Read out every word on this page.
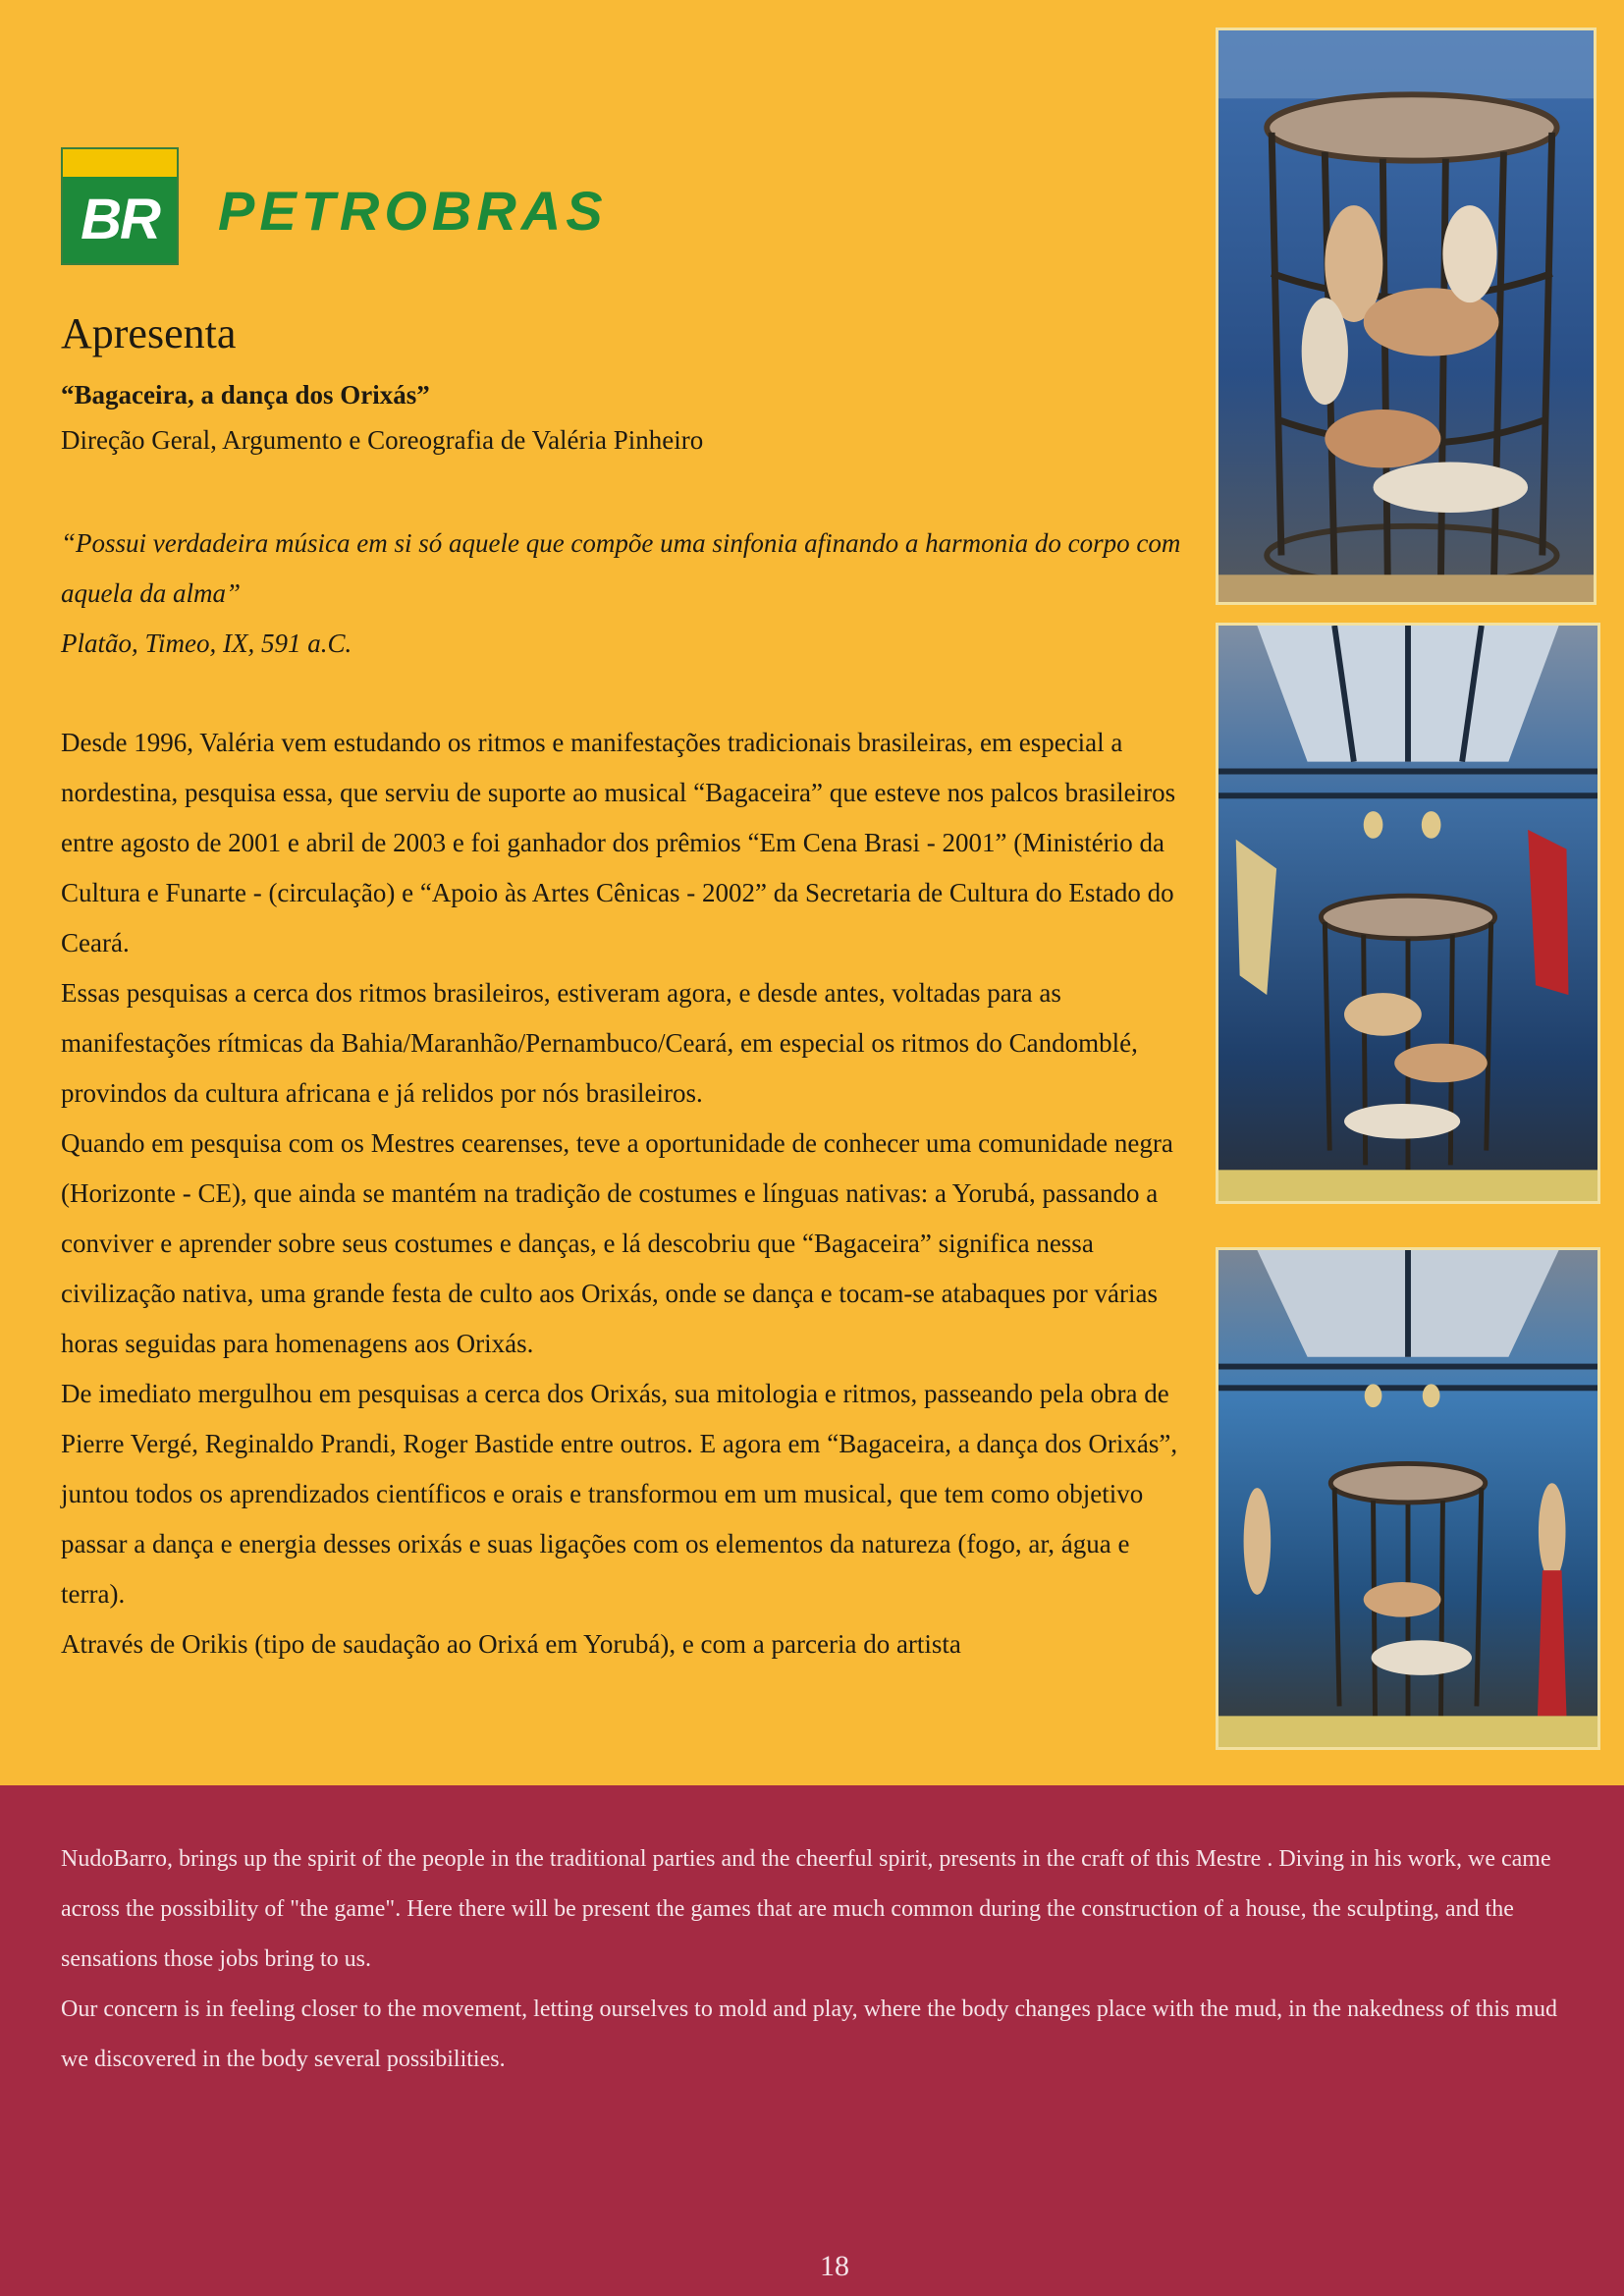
BR	PETROBRAS
Apresenta
“Bagaceira, a dança dos Orixás”
Direção Geral, Argumento e Coreografia de Valéria Pinheiro

“Possui verdadeira música em si só aquele que compõe uma sinfonia afinando a harmonia do corpo com aquela da alma”

Platão, Timeo, IX, 591 a.C.

Desde 1996, Valéria vem estudando os ritmos e manifestações tradicionais brasileiras, em especial a nordestina, pesquisa essa, que serviu de suporte ao musical “Bagaceira” que esteve nos palcos brasileiros entre agosto de 2001 e abril de 2003 e foi ganhador dos prêmios “Em Cena Brasi - 2001” (Ministério da Cultura e Funarte - (circulação) e “Apoio às Artes Cênicas - 2002” da Secretaria de Cultura do Estado do Ceará.

Essas pesquisas a cerca dos ritmos brasileiros, estiveram agora, e desde antes, voltadas para as manifestações rítmicas da Bahia/Maranhão/Pernambuco/Ceará, em especial os ritmos do Candomblé, provindos da cultura africana e já relidos por nós brasileiros.

Quando em pesquisa com os Mestres cearenses, teve a oportunidade de conhecer uma comunidade negra (Horizonte - CE), que ainda se mantém na tradição de costumes e línguas nativas: a Yorubá, passando a conviver e aprender sobre seus costumes e danças, e lá descobriu que “Bagaceira” significa nessa civilização nativa, uma grande festa de culto aos Orixás, onde se dança e tocam-se atabaques por várias horas seguidas para homenagens aos Orixás.

De imediato mergulhou em pesquisas a cerca dos Orixás, sua mitologia e ritmos, passeando pela obra de Pierre Vergé, Reginaldo Prandi, Roger Bastide entre outros. E agora em “Bagaceira, a dança dos Orixás”, juntou todos os aprendizados científicos e orais e transformou em um musical, que tem como objetivo passar a dança e energia desses orixás e suas ligações com os elementos da natureza (fogo, ar, água e terra).

Através de Orikis (tipo de saudação ao Orixá em Yorubá), e com a parceria do artista

NudoBarro, brings up the spirit of the people in the traditional parties and the cheerful spirit, presents in the craft of this Mestre . Diving in his work, we came across the possibility of "the game". Here there will be present the games that are much common during the construction of a house, the sculpting, and the sensations those jobs bring to us.

Our concern is in feeling closer to the movement, letting ourselves to mold and play, where the body changes place with the mud, in the nakedness of this mud we discovered in the body several possibilities.

18
